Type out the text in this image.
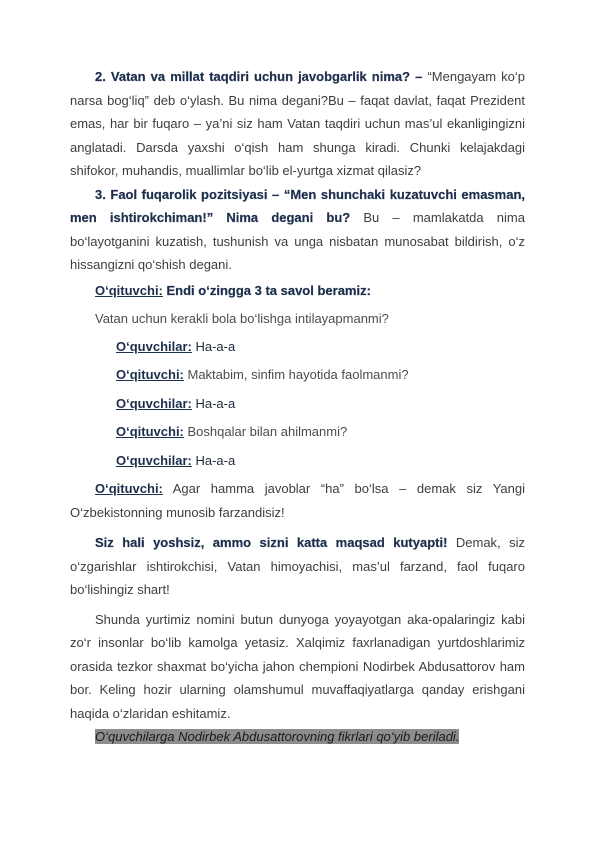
2. Vatan va millat taqdiri uchun javobgarlik nima? – “Mengayam ko‘p narsa bog‘liq” deb o‘ylash. Bu nima degani?Bu – faqat davlat, faqat Prezident emas, har bir fuqaro – ya’ni siz ham Vatan taqdiri uchun mas’ul ekanligingizni anglatadi. Darsda yaxshi o‘qish ham shunga kiradi. Chunki kelajakdagi shifokor, muhandis, muallimlar bo‘lib el-yurtga xizmat qilasiz?

3. Faol fuqarolik pozitsiyasi – “Men shunchaki kuzatuvchi emasman, men ishtirokchiman!” Nima degani bu? Bu – mamlakatda nima bo‘layotganini kuzatish, tushunish va unga nisbatan munosabat bildirish, o‘z hissangizni qo‘shish degani.

O‘qituvchi: Endi o‘zingga 3 ta savol beramiz:

Vatan uchun kerakli bola bo‘lishga intilayapmanmi?

O‘quvchilar: Ha-a-a

O‘qituvchi: Maktabim, sinfim hayotida faolmanmi?

O‘quvchilar: Ha-a-a

O‘qituvchi: Boshqalar bilan ahilmanmi?

O‘quvchilar: Ha-a-a

O‘qituvchi: Agar hamma javoblar “ha” bo‘lsa – demak siz Yangi O‘zbekistonning munosib farzandisiz!

Siz hali yoshsiz, ammo sizni katta maqsad kutyapti! Demak, siz o‘zgarishlar ishtirokchisi, Vatan himoyachisi, mas’ul farzand, faol fuqaro bo‘lishingiz shart!

Shunda yurtimiz nomini butun dunyoga yoyayotgan aka-opalaringiz kabi zo‘r insonlar bo‘lib kamolga yetasiz. Xalqimiz faxrlanadigan yurtdoshlarimiz orasida tezkor shaxmat bo‘yicha jahon chempioni Nodirbek Abdusattorov ham bor. Keling hozir ularning olamshumul muvaffaqiyatlarga qanday erishgani haqida o‘zlaridan eshitamiz.

O‘quvchilarga Nodirbek Abdusattorovning fikrlari qo‘yib beriladi.
